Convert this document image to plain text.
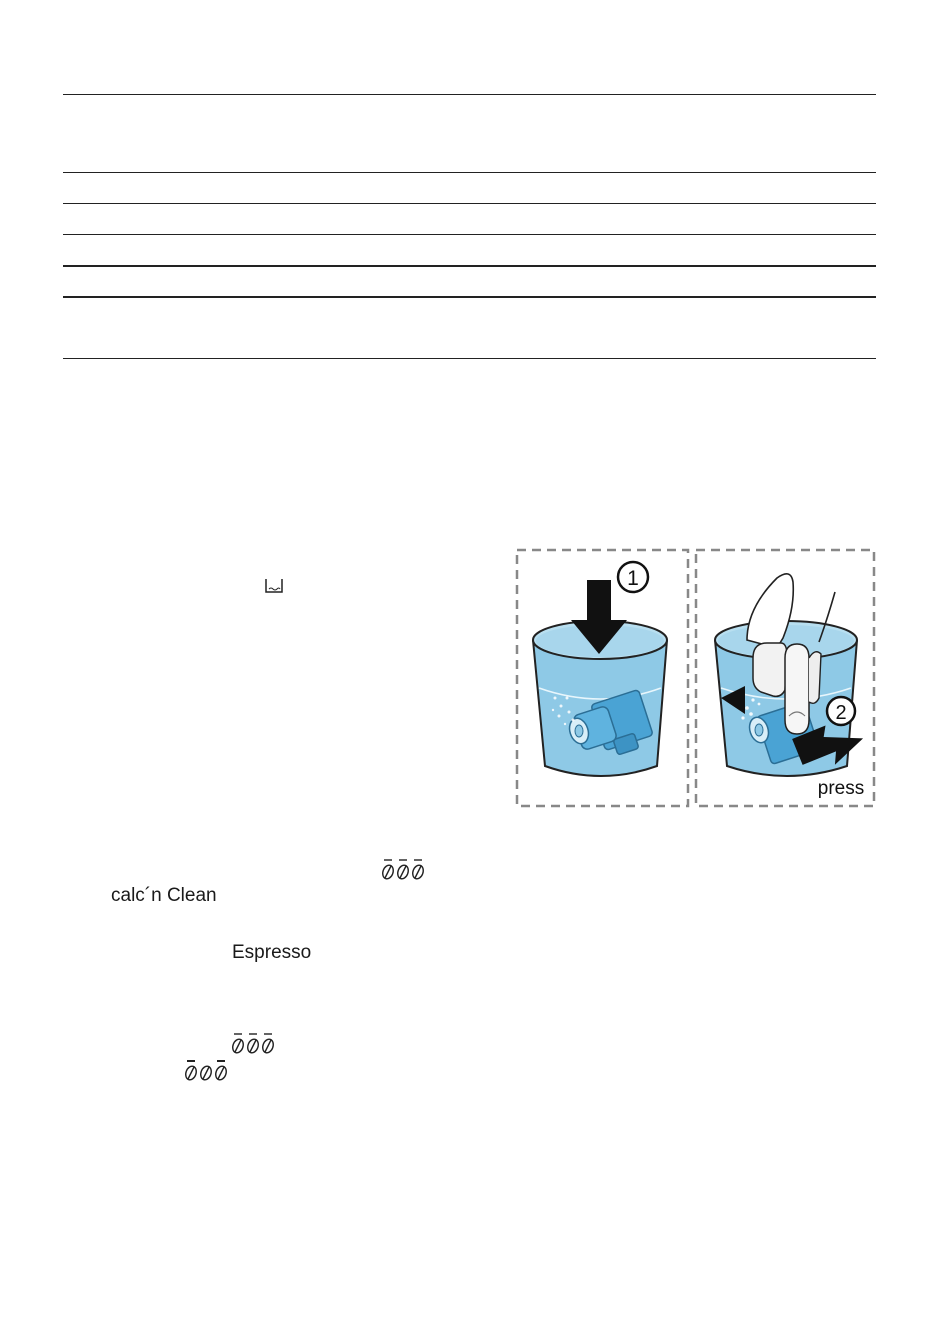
1
2
press
calc´n Clean
Espresso
